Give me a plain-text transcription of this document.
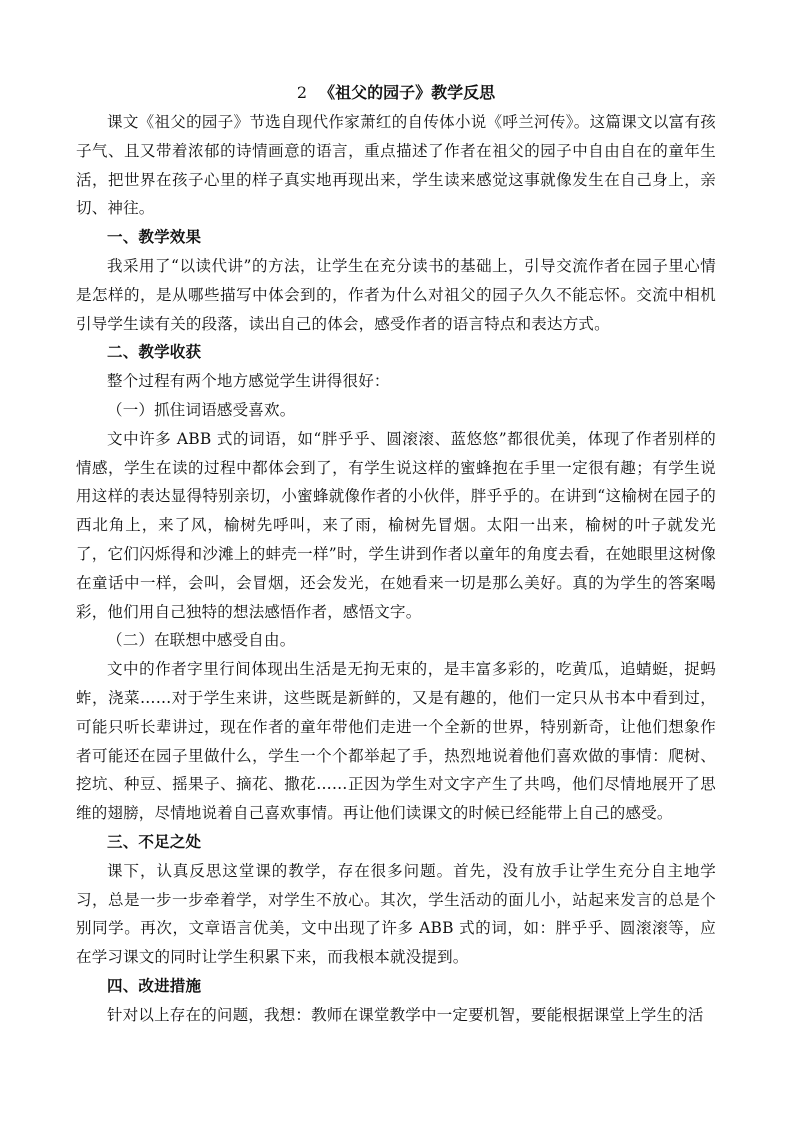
2 《祖父的园子》教学反思

课文《祖父的园子》节选自现代作家萧红的自传体小说《呼兰河传》。这篇课文以富有孩子气、且又带着浓郁的诗情画意的语言，重点描述了作者在祖父的园子中自由自在的童年生活，把世界在孩子心里的样子真实地再现出来，学生读来感觉这事就像发生在自己身上，亲切、神往。

一、教学效果

我采用了“以读代讲”的方法，让学生在充分读书的基础上，引导交流作者在园子里心情是怎样的，是从哪些描写中体会到的，作者为什么对祖父的园子久久不能忘怀。交流中相机引导学生读有关的段落，读出自己的体会，感受作者的语言特点和表达方式。

二、教学收获

整个过程有两个地方感觉学生讲得很好：

（一）抓住词语感受喜欢。

文中许多 ABB 式的词语，如“胖乎乎、圆滚滚、蓝悠悠”都很优美，体现了作者别样的情感，学生在读的过程中都体会到了，有学生说这样的蜜蜂抱在手里一定很有趣；有学生说用这样的表达显得特别亲切，小蜜蜂就像作者的小伙伴，胖乎乎的。在讲到“这榆树在园子的西北角上，来了风，榆树先呼叫，来了雨，榆树先冒烟。太阳一出来，榆树的叶子就发光了，它们闪烁得和沙滩上的蚌壳一样”时，学生讲到作者以童年的角度去看，在她眼里这树像在童话中一样，会叫，会冒烟，还会发光，在她看来一切是那么美好。真的为学生的答案喝彩，他们用自己独特的想法感悟作者，感悟文字。

（二）在联想中感受自由。

文中的作者字里行间体现出生活是无拘无束的，是丰富多彩的，吃黄瓜，追蜻蜓，捉蚂蚱，浇菜……对于学生来讲，这些既是新鲜的，又是有趣的，他们一定只从书本中看到过，可能只听长辈讲过，现在作者的童年带他们走进一个全新的世界，特别新奇，让他们想象作者可能还在园子里做什么，学生一个个都举起了手，热烈地说着他们喜欢做的事情：爬树、挖坑、种豆、摇果子、摘花、撒花……正因为学生对文字产生了共鸣，他们尽情地展开了思维的翅膀，尽情地说着自己喜欢事情。再让他们读课文的时候已经能带上自己的感受。

三、不足之处

课下，认真反思这堂课的教学，存在很多问题。首先，没有放手让学生充分自主地学习，总是一步一步牵着学，对学生不放心。其次，学生活动的面儿小，站起来发言的总是个别同学。再次，文章语言优美，文中出现了许多 ABB 式的词，如：胖乎乎、圆滚滚等，应在学习课文的同时让学生积累下来，而我根本就没提到。

四、改进措施

针对以上存在的问题，我想：教师在课堂教学中一定要机智，要能根据课堂上学生的活
